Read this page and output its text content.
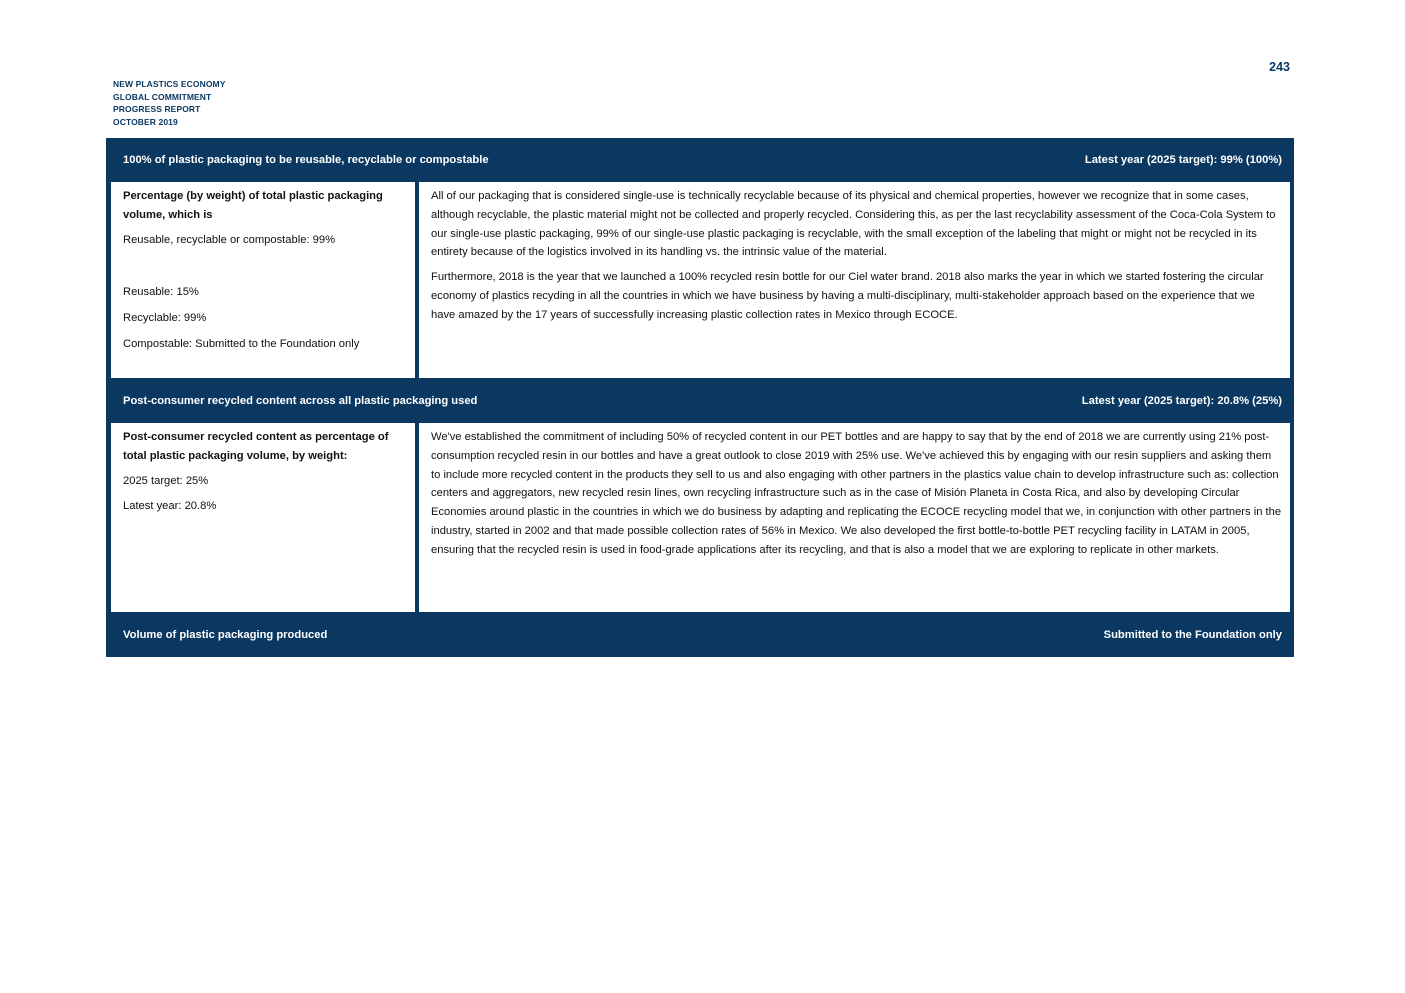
NEW PLASTICS ECONOMY
GLOBAL COMMITMENT
PROGRESS REPORT
OCTOBER 2019
243
100% of plastic packaging to be reusable, recyclable or compostable	Latest year (2025 target): 99% (100%)

Percentage (by weight) of total plastic packaging volume, which is

Reusable, recyclable or compostable: 99%

Reusable: 15%

Recyclable: 99%

Compostable: Submitted to the Foundation only

All of our packaging that is considered single-use is technically recyclable because of its physical and chemical properties, however we recognize that in some cases, although recyclable, the plastic material might not be collected and properly recycled. Considering this, as per the last recyclability assessment of the Coca-Cola System to our single-use plastic packaging, 99% of our single-use plastic packaging is recyclable, with the small exception of the labeling that might or might not be recycled in its entirety because of the logistics involved in its handling vs. the intrinsic value of the material.

Furthermore, 2018 is the year that we launched a 100% recycled resin bottle for our Ciel water brand. 2018 also marks the year in which we started fostering the circular economy of plastics recyding in all the countries in which we have business by having a multi-disciplinary, multi-stakeholder approach based on the experience that we have amazed by the 17 years of successfully increasing plastic collection rates in Mexico through ECOCE.

Post-consumer recycled content across all plastic packaging used	Latest year (2025 target): 20.8% (25%)

Post-consumer recycled content as percentage of total plastic packaging volume, by weight:

2025 target: 25%

Latest year: 20.8%

We've established the commitment of including 50% of recycled content in our PET bottles and are happy to say that by the end of 2018 we are currently using 21% post-consumption recycled resin in our bottles and have a great outlook to close 2019 with 25% use. We've achieved this by engaging with our resin suppliers and asking them to include more recycled content in the products they sell to us and also engaging with other partners in the plastics value chain to develop infrastructure such as: collection centers and aggregators, new recycled resin lines, own recycling infrastructure such as in the case of Misión Planeta in Costa Rica, and also by developing Circular Economies around plastic in the countries in which we do business by adapting and replicating the ECOCE recycling model that we, in conjunction with other partners in the industry, started in 2002 and that made possible collection rates of 56% in Mexico. We also developed the first bottle-to-bottle PET recycling facility in LATAM in 2005, ensuring that the recycled resin is used in food-grade applications after its recycling, and that is also a model that we are exploring to replicate in other markets.

Volume of plastic packaging produced	Submitted to the Foundation only
